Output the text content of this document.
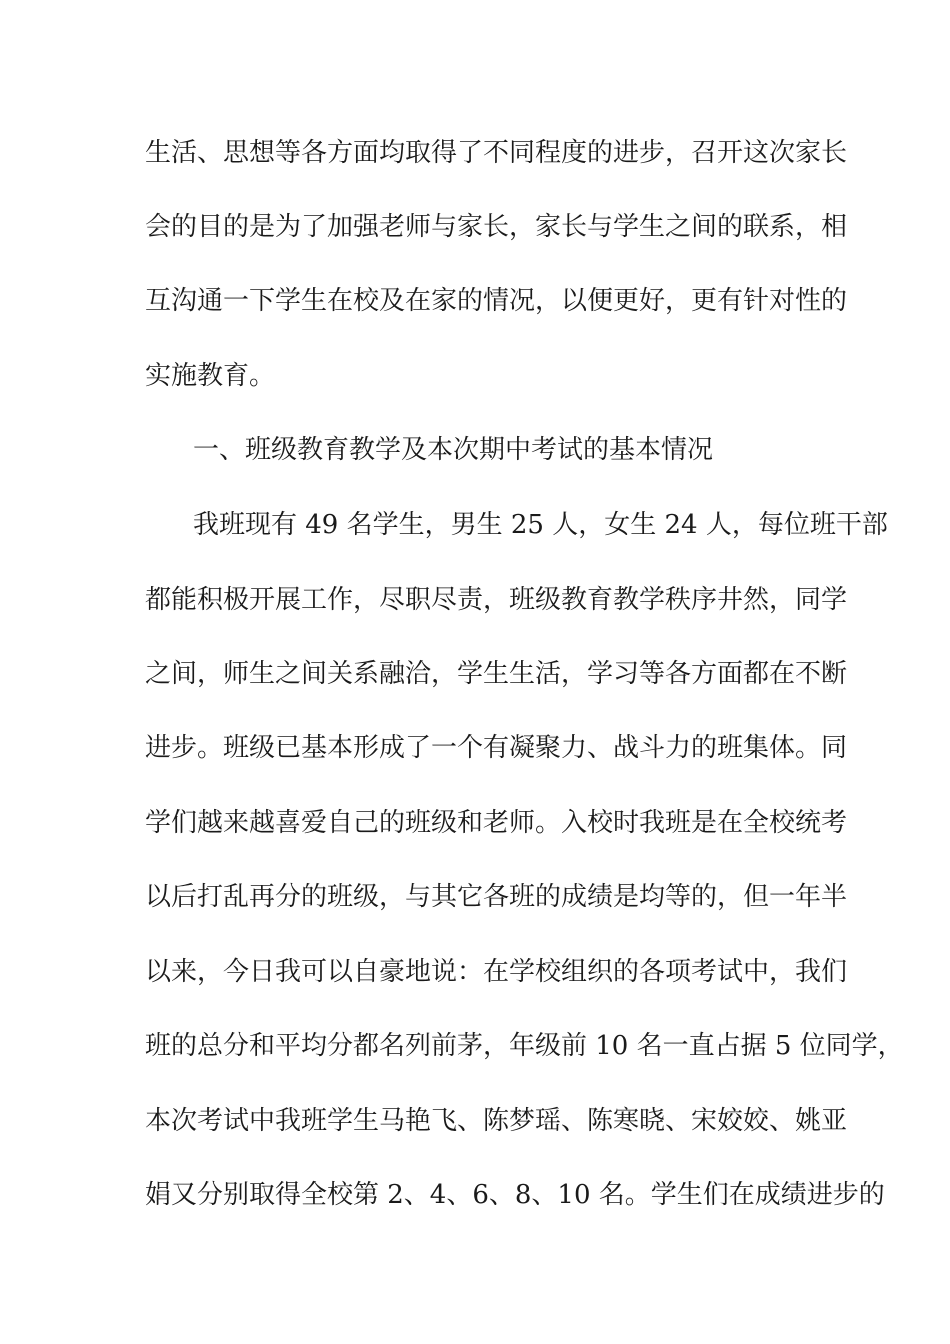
生活、思想等各方面均取得了不同程度的进步，召开这次家长
会的目的是为了加强老师与家长，家长与学生之间的联系，相
互沟通一下学生在校及在家的情况，以便更好，更有针对性的
实施教育。
一、班级教育教学及本次期中考试的基本情况
我班现有 49 名学生，男生 25 人，女生 24 人，每位班干部
都能积极开展工作，尽职尽责，班级教育教学秩序井然，同学
之间，师生之间关系融洽，学生生活，学习等各方面都在不断
进步。班级已基本形成了一个有凝聚力、战斗力的班集体。同
学们越来越喜爱自己的班级和老师。入校时我班是在全校统考
以后打乱再分的班级，与其它各班的成绩是均等的，但一年半
以来，今日我可以自豪地说：在学校组织的各项考试中，我们
班的总分和平均分都名列前茅，年级前 10 名一直占据 5 位同学，
本次考试中我班学生马艳飞、陈梦瑶、陈寒晓、宋姣姣、姚亚
娟又分别取得全校第 2、4、6、8、10 名。学生们在成绩进步的
